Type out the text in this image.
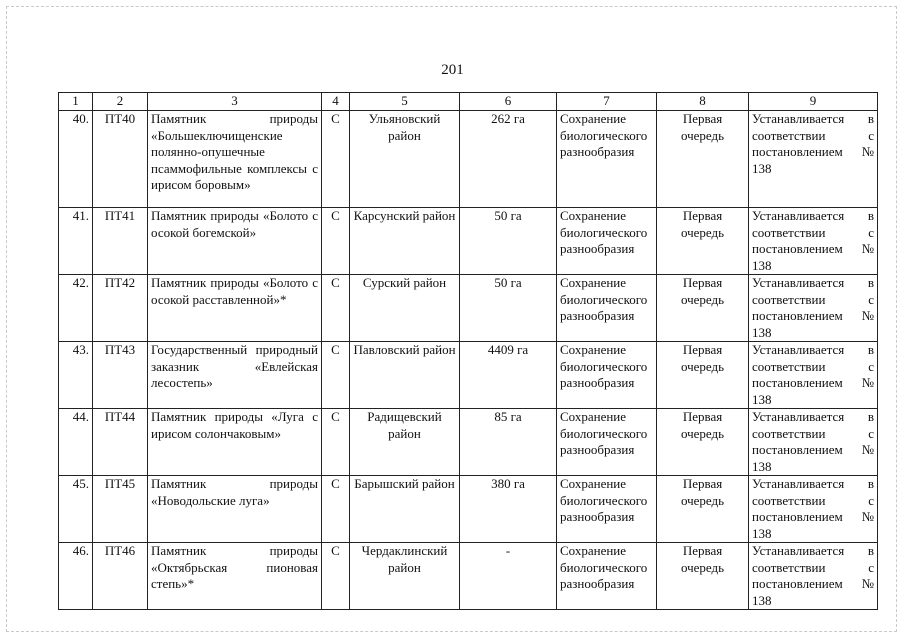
201
1	2	3	4	5	6	7	8	9
40.	ПТ40	Памятник природы «Большеключищенские полянно-опушечные псаммофильные комплексы с ирисом боровым»	С	Ульяновский район	262 га	Сохранение биологического разнообразия	Первая очередь	Устанавливается в соответствии с постановлением № 138
41.	ПТ41	Памятник природы «Болото с осокой богемской»	С	Карсунский район	50 га	Сохранение биологического разнообразия	Первая очередь	Устанавливается в соответствии с постановлением № 138
42.	ПТ42	Памятник природы «Болото с осокой расставленной»*	С	Сурский район	50 га	Сохранение биологического разнообразия	Первая очередь	Устанавливается в соответствии с постановлением № 138
43.	ПТ43	Государственный природный заказник «Евлейская лесостепь»	С	Павловский район	4409 га	Сохранение биологического разнообразия	Первая очередь	Устанавливается в соответствии с постановлением № 138
44.	ПТ44	Памятник природы «Луга с ирисом солончаковым»	С	Радищевский район	85 га	Сохранение биологического разнообразия	Первая очередь	Устанавливается в соответствии с постановлением № 138
45.	ПТ45	Памятник природы «Новодольские луга»	С	Барышский район	380 га	Сохранение биологического разнообразия	Первая очередь	Устанавливается в соответствии с постановлением № 138
46.	ПТ46	Памятник природы «Октябрьская пионовая степь»*	С	Чердаклинский район	-	Сохранение биологического разнообразия	Первая очередь	Устанавливается в соответствии с постановлением № 138
